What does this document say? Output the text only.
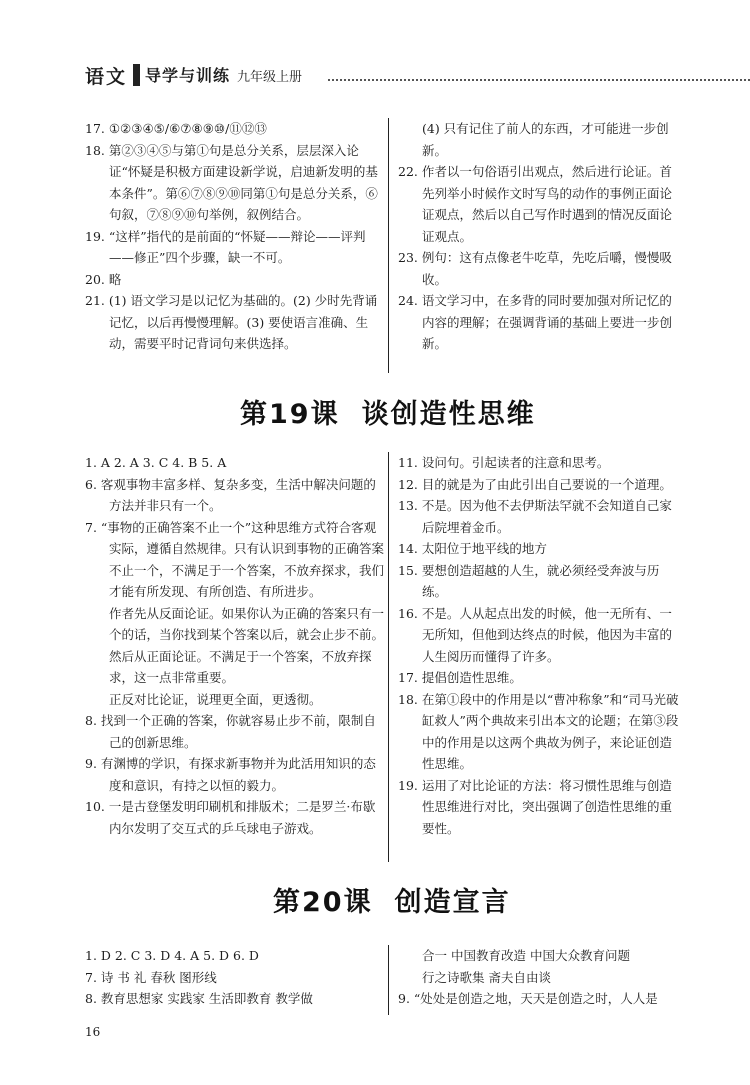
语文 导学与训练 九年级上册

17. ①②③④⑤/⑥⑦⑧⑨⑩/⑪⑫⑬

18. 第②③④⑤与第①句是总分关系，层层深入论证“怀疑是积极方面建设新学说，启迪新发明的基本条件”。第⑥⑦⑧⑨⑩同第①句是总分关系，⑥句叙，⑦⑧⑨⑩句举例，叙例结合。

19. “这样”指代的是前面的“怀疑——辩论——评判——修正”四个步骤，缺一不可。

20. 略

21. (1) 语文学习是以记忆为基础的。(2) 少时先背诵记忆，以后再慢慢理解。(3) 要使语言准确、生动，需要平时记背词句来供选择。

(4) 只有记住了前人的东西，才可能进一步创新。

22. 作者以一句俗语引出观点，然后进行论证。首先列举小时候作文时写鸟的动作的事例正面论证观点，然后以自己写作时遇到的情况反面论证观点。

23. 例句：这有点像老牛吃草，先吃后嚼，慢慢吸收。

24. 语文学习中，在多背的同时要加强对所记忆的内容的理解；在强调背诵的基础上要进一步创新。

第19课 谈创造性思维

1. A 2. A 3. C 4. B 5. A

6. 客观事物丰富多样、复杂多变，生活中解决问题的方法并非只有一个。

7. “事物的正确答案不止一个”这种思维方式符合客观实际，遵循自然规律。只有认识到事物的正确答案不止一个，不满足于一个答案，不放弃探求，我们才能有所发现、有所创造、有所进步。

作者先从反面论证。如果你认为正确的答案只有一个的话，当你找到某个答案以后，就会止步不前。然后从正面论证。不满足于一个答案，不放弃探求，这一点非常重要。

正反对比论证，说理更全面，更透彻。

8. 找到一个正确的答案，你就容易止步不前，限制自己的创新思维。

9. 有渊博的学识，有探求新事物并为此活用知识的态度和意识，有持之以恒的毅力。

10. 一是古登堡发明印刷机和排版术；二是罗兰·布歇内尔发明了交互式的乒乓球电子游戏。

11. 设问句。引起读者的注意和思考。

12. 目的就是为了由此引出自己要说的一个道理。

13. 不是。因为他不去伊斯法罕就不会知道自己家后院埋着金币。

14. 太阳位于地平线的地方

15. 要想创造超越的人生，就必须经受奔波与历练。

16. 不是。人从起点出发的时候，他一无所有、一无所知，但他到达终点的时候，他因为丰富的人生阅历而懂得了许多。

17. 提倡创造性思维。

18. 在第①段中的作用是以“曹冲称象”和“司马光破缸救人”两个典故来引出本文的论题；在第③段中的作用是以这两个典故为例子，来论证创造性思维。

19. 运用了对比论证的方法：将习惯性思维与创造性思维进行对比，突出强调了创造性思维的重要性。

第20课 创造宣言

1. D 2. C 3. D 4. A 5. D 6. D

7. 诗 书 礼 春秋 图形线

8. 教育思想家 实践家 生活即教育 教学做

合一 中国教育改造 中国大众教育问题

行之诗歌集 斋夫自由谈

9. “处处是创造之地，天天是创造之时，人人是

16
